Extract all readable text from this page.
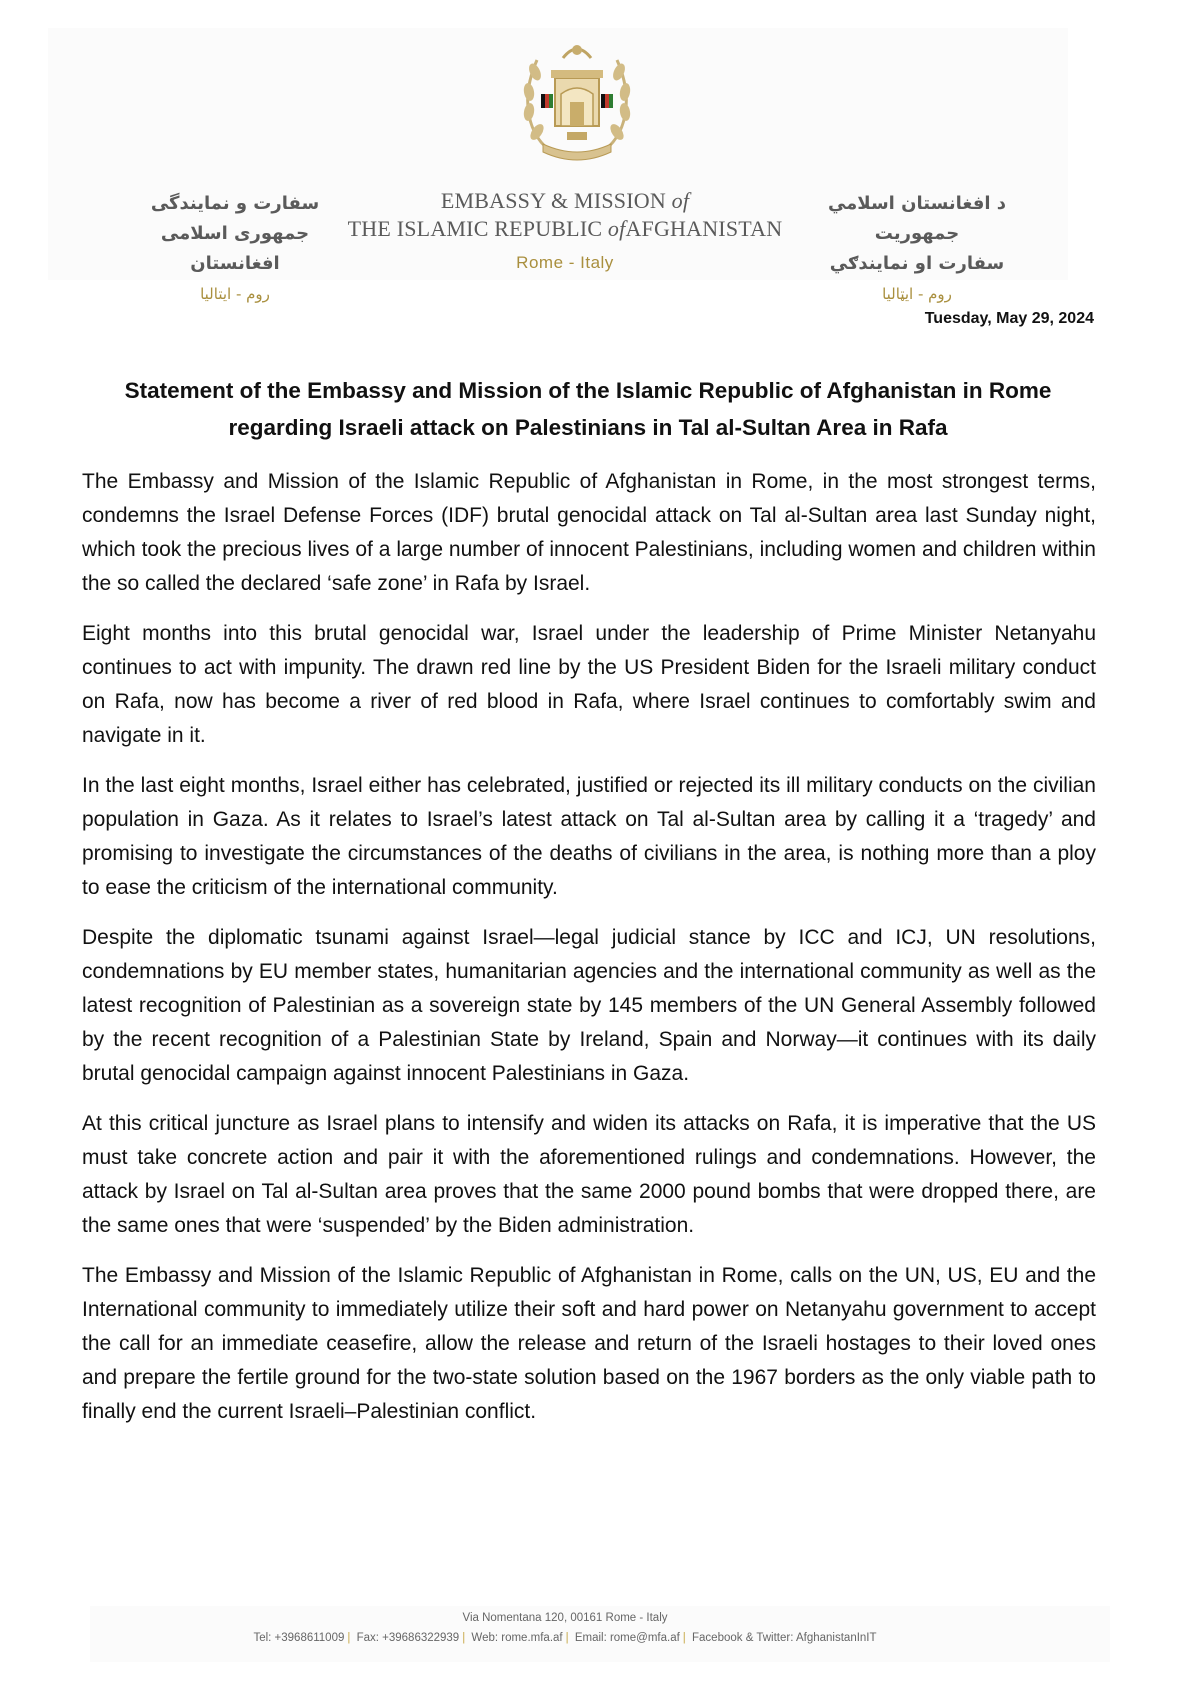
سفارت و نمایندگی
جمهوری اسلامی افغانستان
روم - ایتالیا
EMBASSY & MISSION of
THE ISLAMIC REPUBLIC ofAFGHANISTAN
Rome - Italy
د افغانستان اسلامي جمهوريت
سفارت او نمايندګي
روم - ايټاليا
Tuesday, May 29, 2024
Statement of the Embassy and Mission of the Islamic Republic of Afghanistan in Rome
regarding Israeli attack on Palestinians in Tal al-Sultan Area in Rafa

The Embassy and Mission of the Islamic Republic of Afghanistan in Rome, in the most strongest terms, condemns the Israel Defense Forces (IDF) brutal genocidal attack on Tal al-Sultan area last Sunday night, which took the precious lives of a large number of innocent Palestinians, including women and children within the so called the declared ‘safe zone’ in Rafa by Israel.

Eight months into this brutal genocidal war, Israel under the leadership of Prime Minister Netanyahu continues to act with impunity. The drawn red line by the US President Biden for the Israeli military conduct on Rafa, now has become a river of red blood in Rafa, where Israel continues to comfortably swim and navigate in it.

In the last eight months, Israel either has celebrated, justified or rejected its ill military conducts on the civilian population in Gaza. As it relates to Israel’s latest attack on Tal al-Sultan area by calling it a ‘tragedy’ and promising to investigate the circumstances of the deaths of civilians in the area, is nothing more than a ploy to ease the criticism of the international community.

Despite the diplomatic tsunami against Israel—legal judicial stance by ICC and ICJ, UN resolutions, condemnations by EU member states, humanitarian agencies and the international community as well as the latest recognition of Palestinian as a sovereign state by 145 members of the UN General Assembly followed by the recent recognition of a Palestinian State by Ireland, Spain and Norway—it continues with its daily brutal genocidal campaign against innocent Palestinians in Gaza.

At this critical juncture as Israel plans to intensify and widen its attacks on Rafa, it is imperative that the US must take concrete action and pair it with the aforementioned rulings and condemnations. However, the attack by Israel on Tal al-Sultan area proves that the same 2000 pound bombs that were dropped there, are the same ones that were ‘suspended’ by the Biden administration.

The Embassy and Mission of the Islamic Republic of Afghanistan in Rome, calls on the UN, US, EU and the International community to immediately utilize their soft and hard power on Netanyahu government to accept the call for an immediate ceasefire, allow the release and return of the Israeli hostages to their loved ones and prepare the fertile ground for the two-state solution based on the 1967 borders as the only viable path to finally end the current Israeli–Palestinian conflict.

Via Nomentana 120, 00161 Rome - Italy
Tel: +3968611009 | Fax: +39686322939 | Web: rome.mfa.af | Email: rome@mfa.af | Facebook & Twitter: AfghanistanInIT
